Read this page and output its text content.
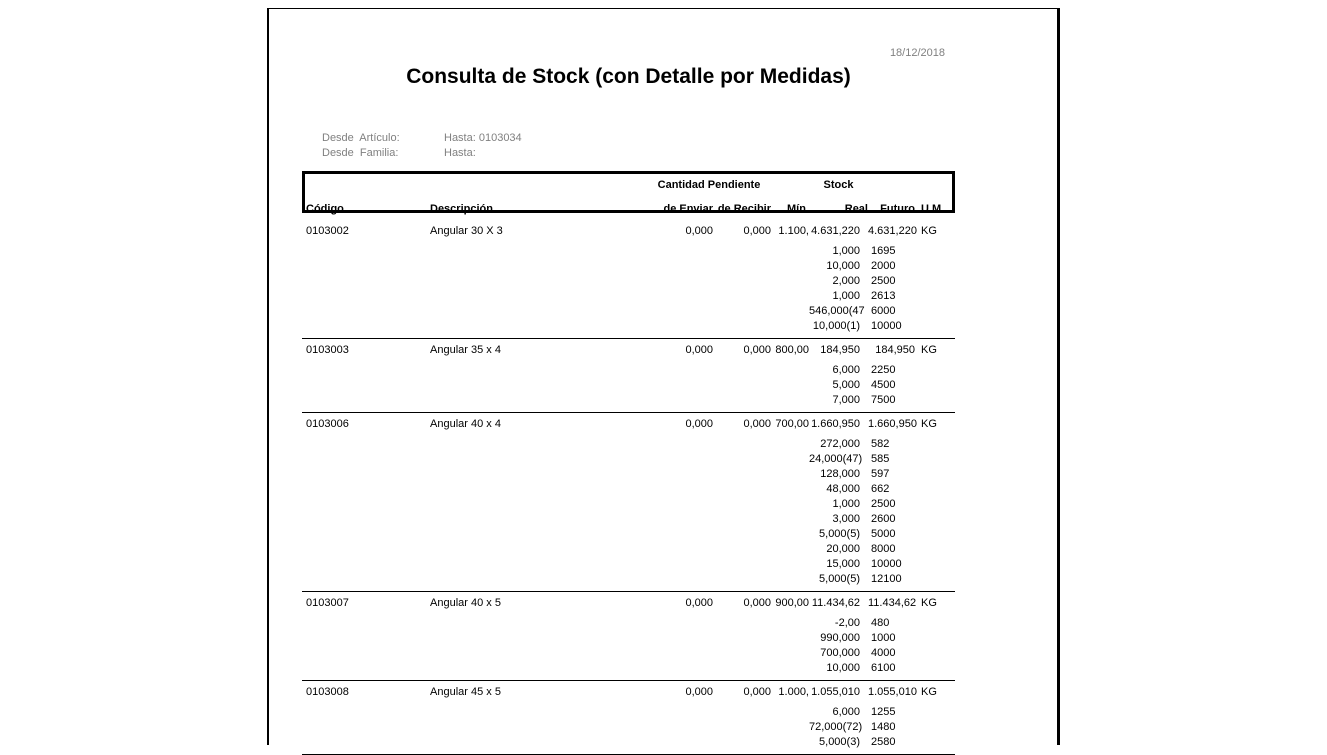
18/12/2018
Consulta de Stock (con Detalle por Medidas)
Desde  Artículo:	Hasta: 0103034
Desde  Familia:	Hasta:
		Cantidad Pendiente			Stock		
Código	Descripción	de Enviar	de Recibir	Mín.	Real	Futuro	U.M.
0103002	Angular 30 X 3	0,000	0,000	1.100,	4.631,220	4.631,220	KG

					1,000	1695	
					10,000	2000	
					2,000	2500	
					1,000	2613	
					546,000(47	6000	
					10,000(1)	10000	

0103003	Angular 35 x 4	0,000	0,000	800,00	184,950	184,950	KG

					6,000	2250	
					5,000	4500	
					7,000	7500	

0103006	Angular 40 x 4	0,000	0,000	700,00	1.660,950	1.660,950	KG

					272,000	582	
					24,000(47)	585	
					128,000	597	
					48,000	662	
					1,000	2500	
					3,000	2600	
					5,000(5)	5000	
					20,000	8000	
					15,000	10000	
					5,000(5)	12100	

0103007	Angular 40 x 5	0,000	0,000	900,00	11.434,62	11.434,62	KG

					-2,00	480	
					990,000	1000	
					700,000	4000	
					10,000	6100	

0103008	Angular 45 x 5	0,000	0,000	1.000,	1.055,010	1.055,010	KG

					6,000	1255	
					72,000(72)	1480	
					5,000(3)	2580	
